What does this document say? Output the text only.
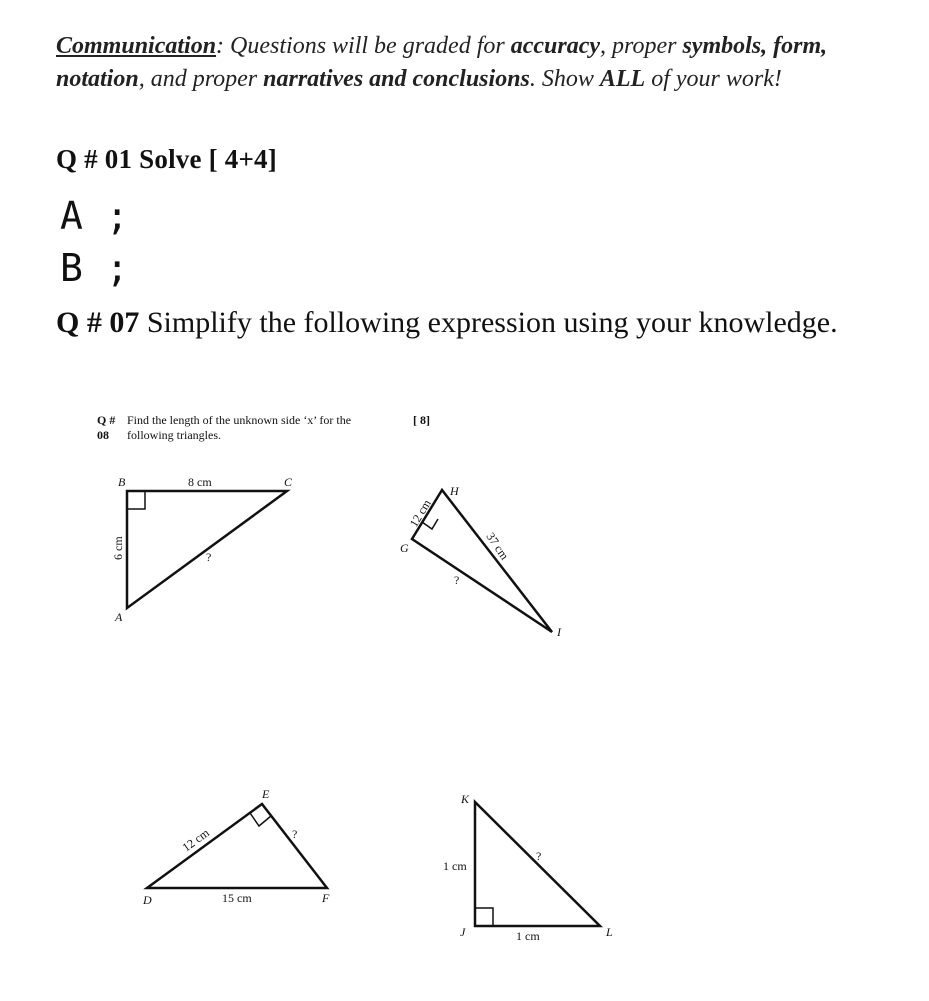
Communication: Questions will be graded for accuracy, proper symbols, form,
notation, and proper narratives and conclusions. Show ALL of your work!
Q # 01 Solve [ 4+4]
A ;
B ;
Q # 07 Simplify the following expression using your knowledge.
Q #
08
Find the length of the unknown side ‘x’ for the following triangles.
[ 8]
B	C
A
8 cm
6 cm	?
H
G
I
12 cm
37 cm
?
E
D	F
12 cm
15 cm
?
K
J	L
1 cm
1 cm
?
